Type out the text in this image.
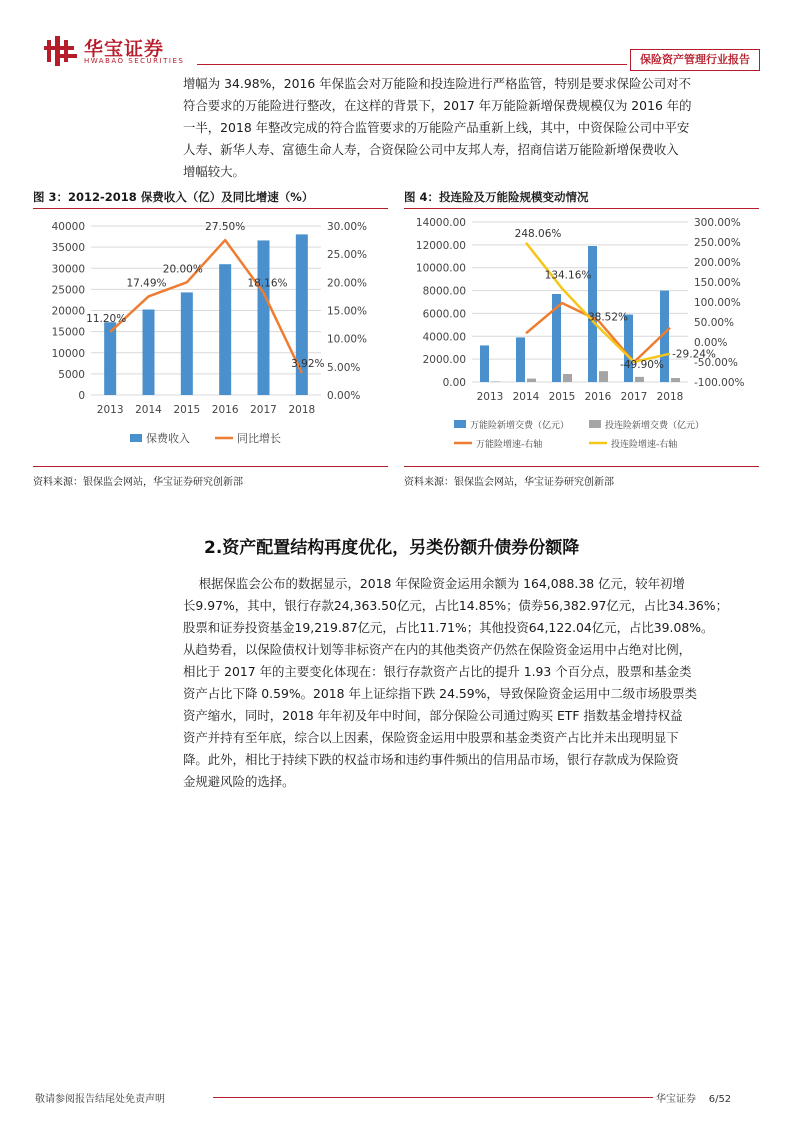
华宝证券
HWABAO SECURITIES	保险资产管理行业报告
增幅为 34.98%，2016 年保监会对万能险和投连险进行严格监管，特别是要求保险公司对不
符合要求的万能险进行整改，在这样的背景下，2017 年万能险新增保费规模仅为 2016 年的
一半，2018 年整改完成的符合监管要求的万能险产品重新上线，其中，中资保险公司中平安
人寿、新华人寿、富德生命人寿，合资保险公司中友邦人寿，招商信诺万能险新增保费收入
增幅较大。
图 3：2012-2018 保费收入（亿）及同比增速（%）	图 4：投连险及万能险规模变动情况
40000
35000
30000
25000
20000
15000
10000
5000
0
30.00%
25.00%
20.00%
15.00%
10.00%
5.00%
0.00%
2013 2014 2015 2016 2017 2018
11.20%
17.49%
20.00%
27.50%
18.16%
3.92%
保费收入	同比增长
14000.00
12000.00
10000.00
8000.00
6000.00
4000.00
2000.00
0.00
300.00%
250.00%
200.00%
150.00%
100.00%
50.00%
0.00%
-50.00%
-100.00%
2013 2014 2015 2016 2017 2018
248.06%
134.16%
38.52%
-49.90%
-29.24%
万能险新增交费（亿元）	投连险新增交费（亿元）
万能险增速-右轴	投连险增速-右轴
资料来源：银保监会网站，华宝证券研究创新部	资料来源：银保监会网站，华宝证券研究创新部
2.资产配置结构再度优化，另类份额升债券份额降
根据保监会公布的数据显示，2018 年保险资金运用余额为 164,088.38 亿元，较年初增
长9.97%，其中，银行存款24,363.50亿元，占比14.85%；债券56,382.97亿元，占比34.36%；
股票和证券投资基金19,219.87亿元，占比11.71%；其他投资64,122.04亿元，占比39.08%。
从趋势看，以保险债权计划等非标资产在内的其他类资产仍然在保险资金运用中占绝对比例，
相比于 2017 年的主要变化体现在：银行存款资产占比的提升 1.93 个百分点，股票和基金类
资产占比下降 0.59%。2018 年上证综指下跌 24.59%，导致保险资金运用中二级市场股票类
资产缩水，同时，2018 年年初及年中时间，部分保险公司通过购买 ETF 指数基金增持权益
资产并持有至年底，综合以上因素，保险资金运用中股票和基金类资产占比并未出现明显下
降。此外，相比于持续下跌的权益市场和违约事件频出的信用品市场，银行存款成为保险资
金规避风险的选择。
敬请参阅报告结尾处免责声明	华宝证券    6/52
